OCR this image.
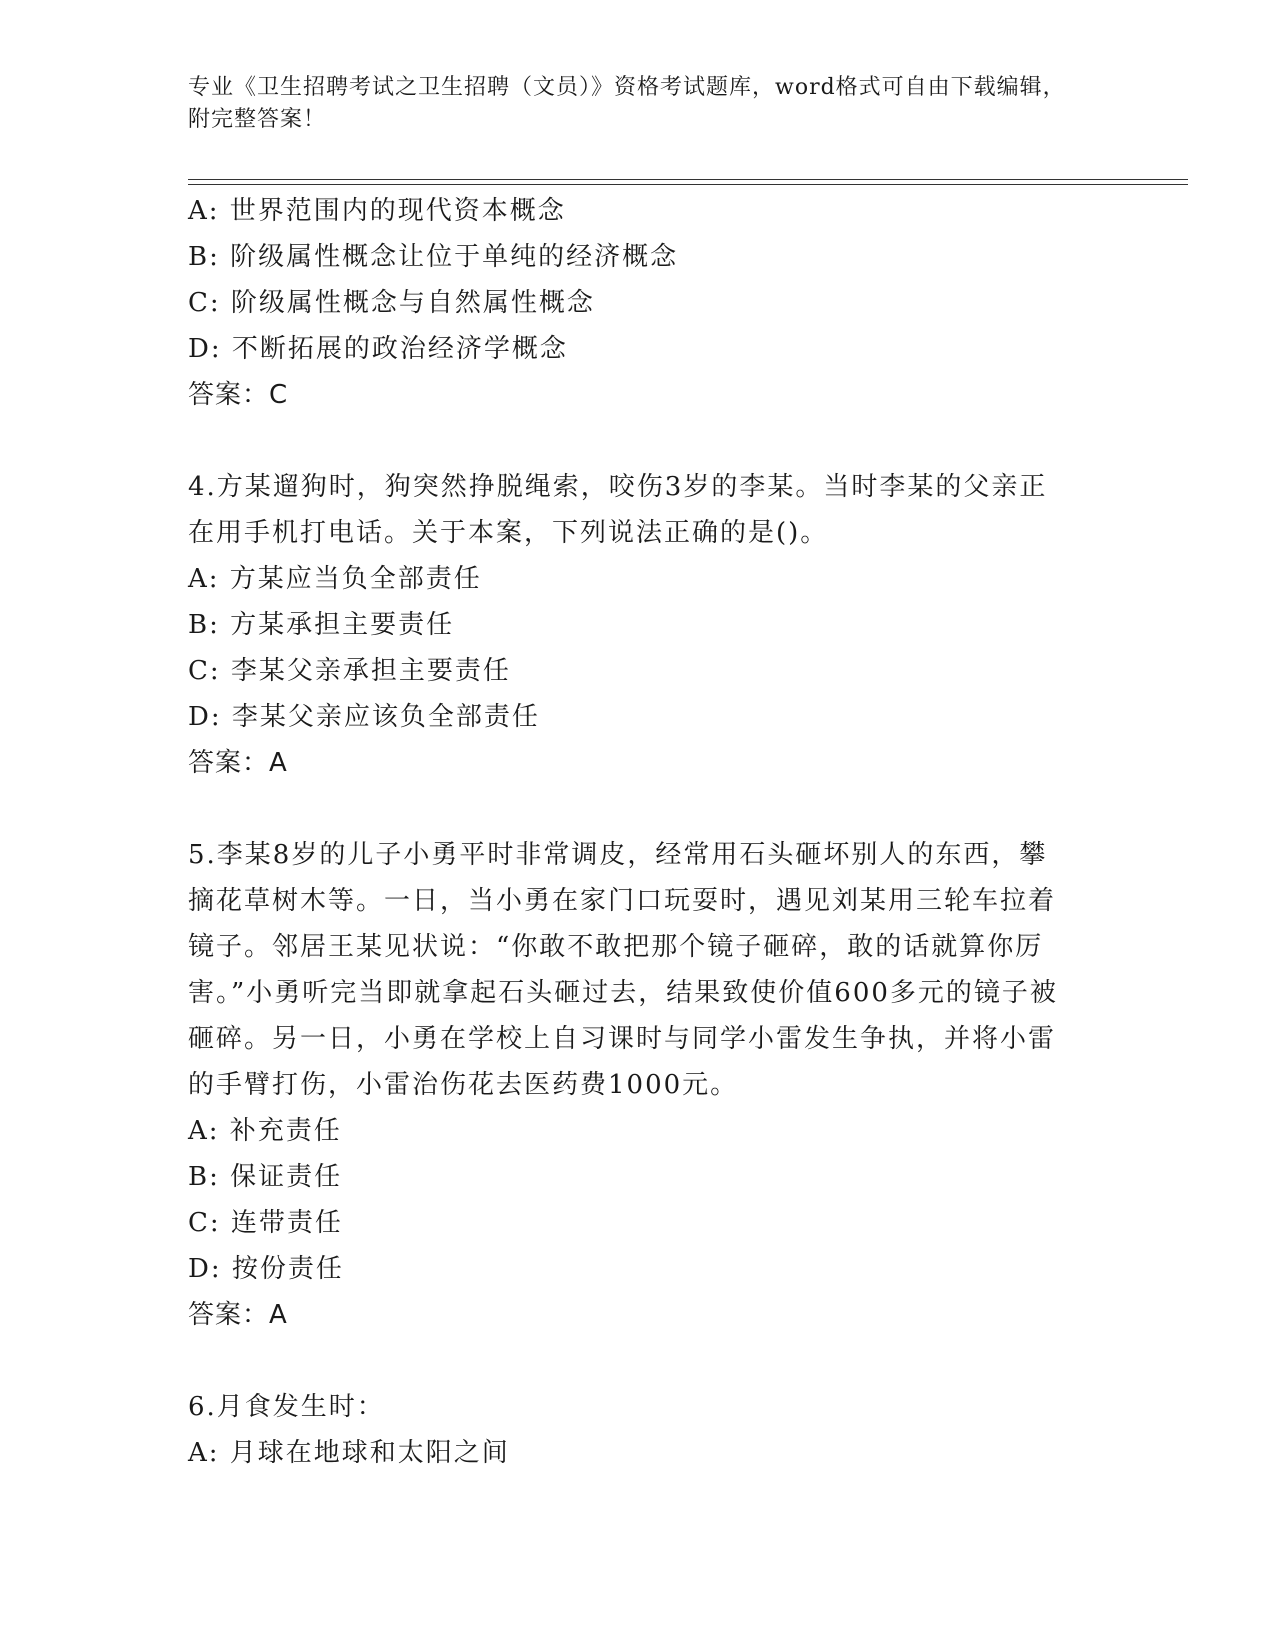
专业《卫生招聘考试之卫生招聘（文员）》资格考试题库，word格式可自由下载编辑，附完整答案！
A: 世界范围内的现代资本概念
B: 阶级属性概念让位于单纯的经济概念
C: 阶级属性概念与自然属性概念
D: 不断拓展的政治经济学概念
答案：C
4.方某遛狗时，狗突然挣脱绳索，咬伤3岁的李某。当时李某的父亲正在用手机打电话。关于本案，下列说法正确的是()。
A: 方某应当负全部责任
B: 方某承担主要责任
C: 李某父亲承担主要责任
D: 李某父亲应该负全部责任
答案：A
5.李某8岁的儿子小勇平时非常调皮，经常用石头砸坏别人的东西，攀摘花草树木等。一日，当小勇在家门口玩耍时，遇见刘某用三轮车拉着镜子。邻居王某见状说：“你敢不敢把那个镜子砸碎，敢的话就算你厉害。”小勇听完当即就拿起石头砸过去，结果致使价值600多元的镜子被砸碎。另一日，小勇在学校上自习课时与同学小雷发生争执，并将小雷的手臂打伤，小雷治伤花去医药费1000元。
A: 补充责任
B: 保证责任
C: 连带责任
D: 按份责任
答案：A
6.月食发生时：
A: 月球在地球和太阳之间
